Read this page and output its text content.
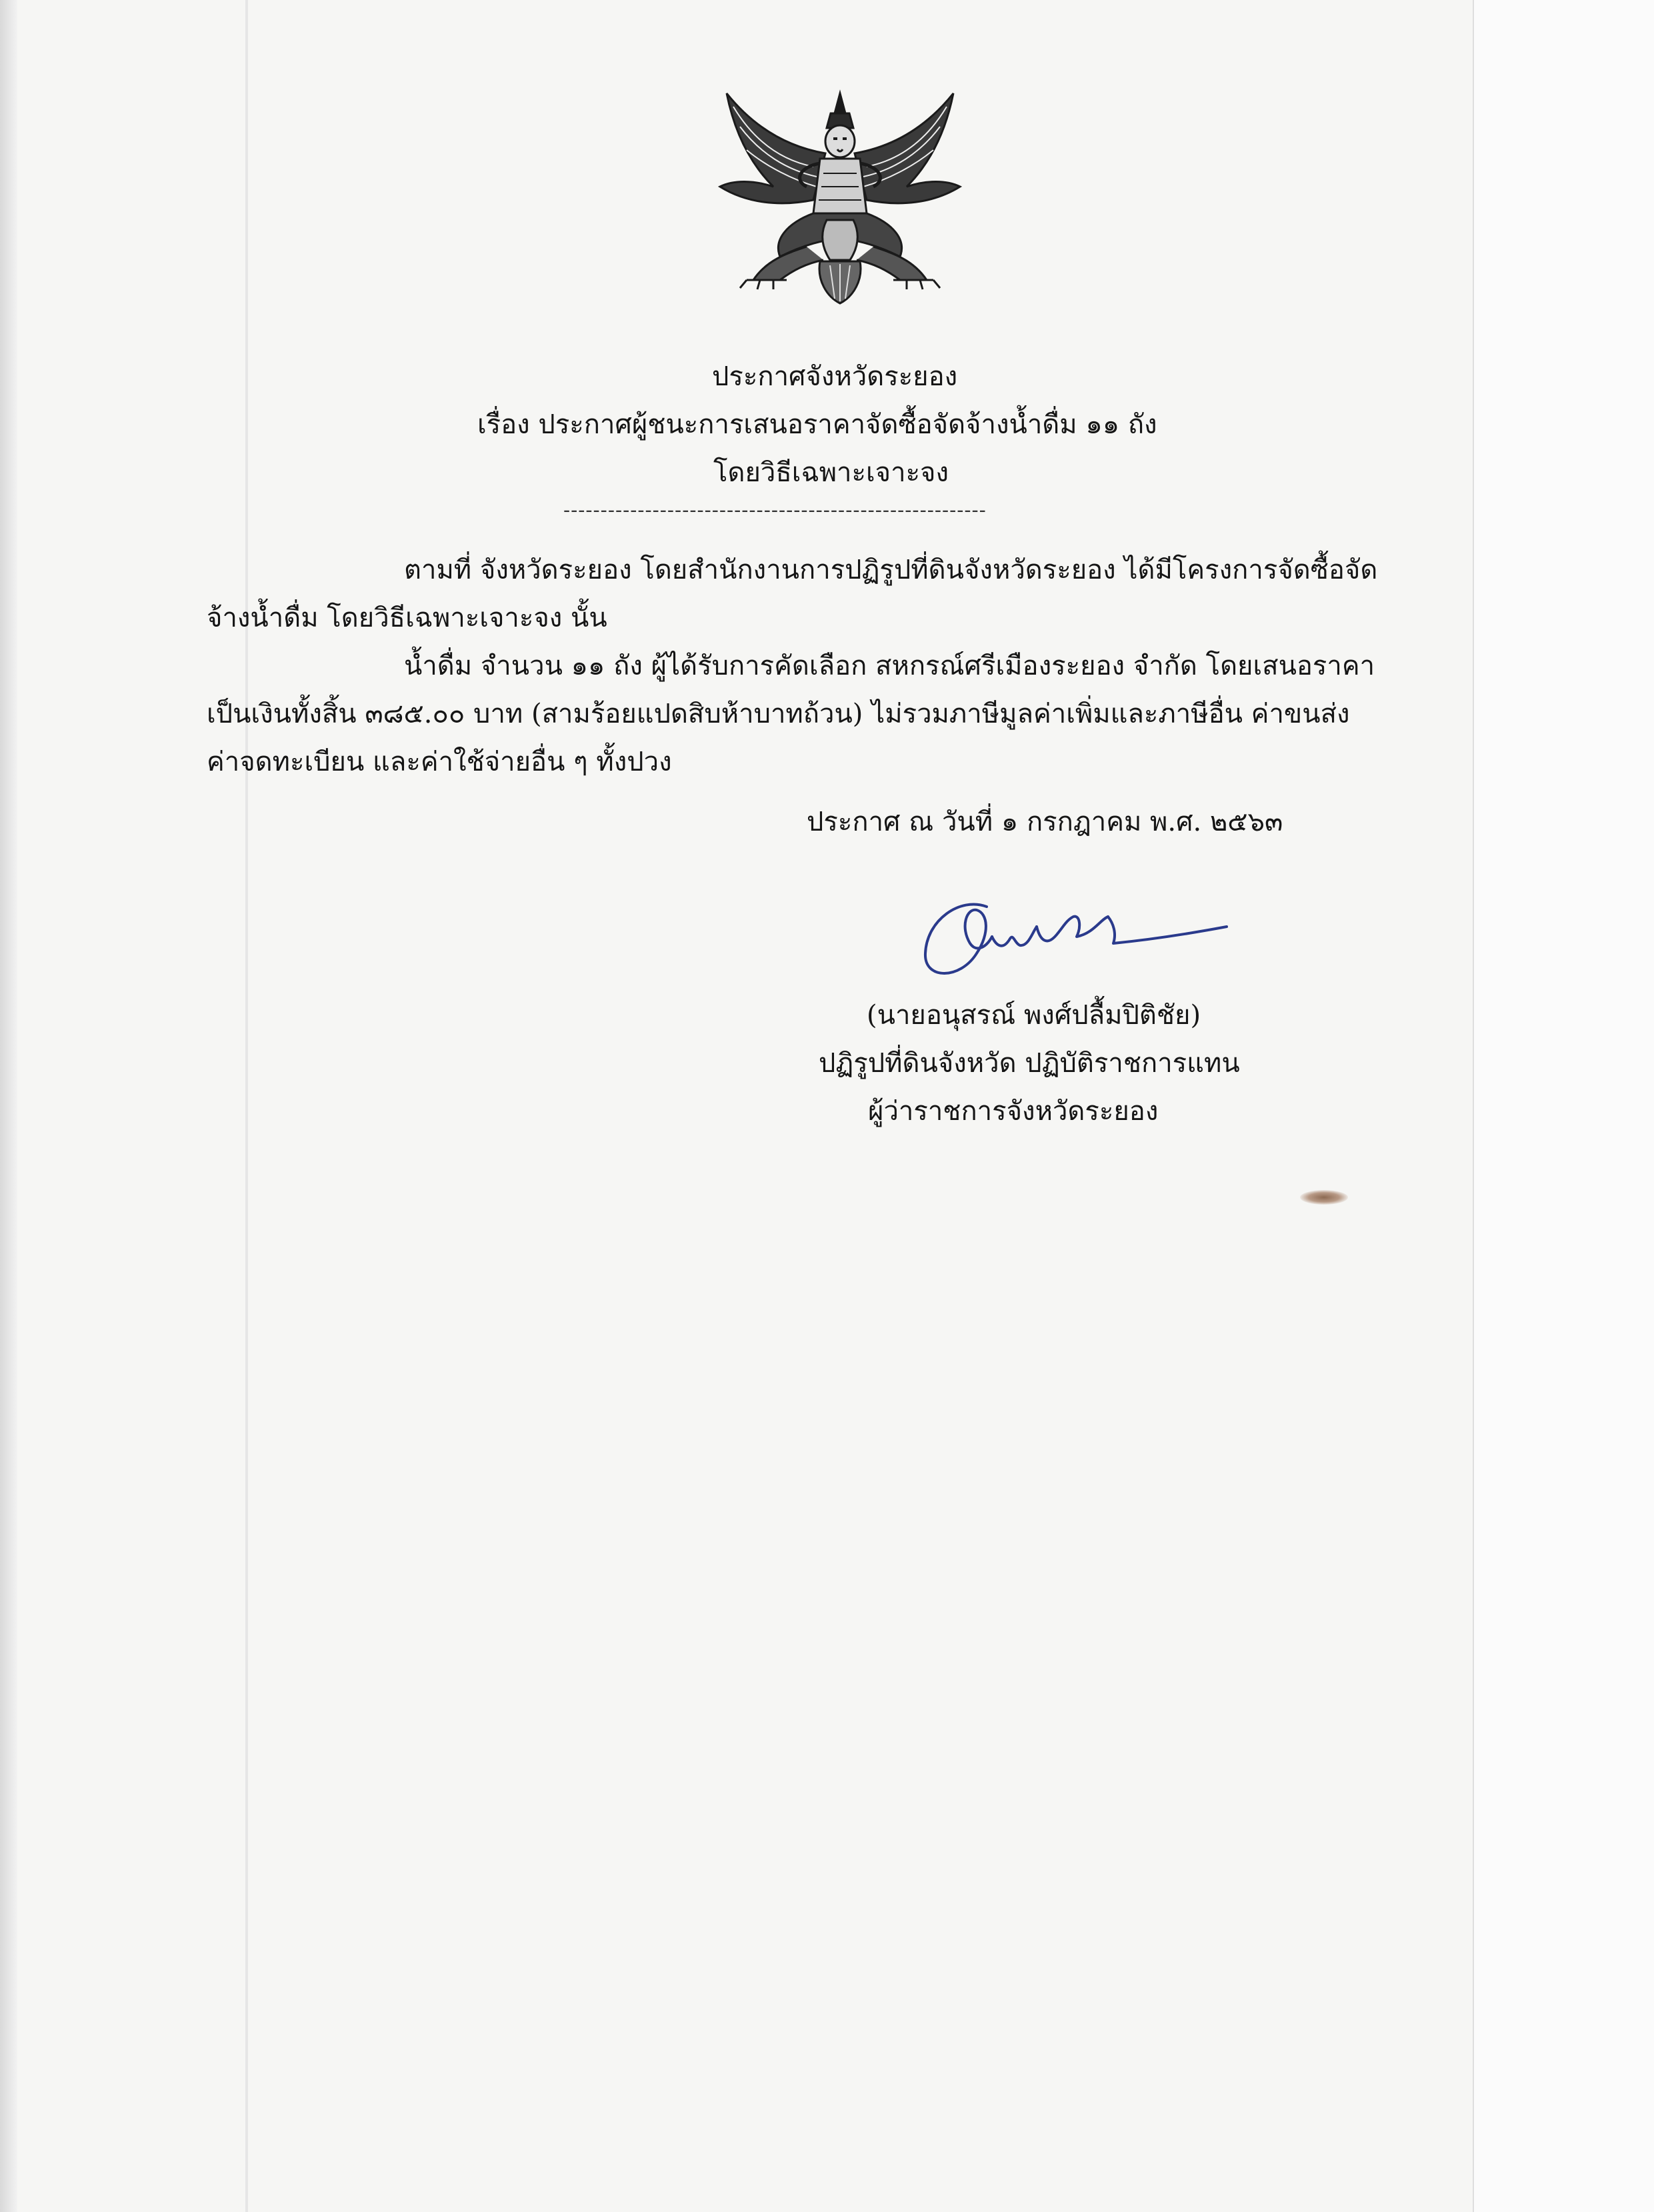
ประกาศจังหวัดระยอง
เรื่อง ประกาศผู้ชนะการเสนอราคาจัดซื้อจัดจ้างน้ำดื่ม ๑๑ ถัง
โดยวิธีเฉพาะเจาะจง
---------------------------------------------------------
ตามที่ จังหวัดระยอง โดยสำนักงานการปฏิรูปที่ดินจังหวัดระยอง ได้มีโครงการจัดซื้อจัด
จ้างน้ำดื่ม โดยวิธีเฉพาะเจาะจง นั้น
น้ำดื่ม จำนวน ๑๑ ถัง ผู้ได้รับการคัดเลือก สหกรณ์ศรีเมืองระยอง จำกัด โดยเสนอราคา
เป็นเงินทั้งสิ้น ๓๘๕.๐๐ บาท (สามร้อยแปดสิบห้าบาทถ้วน) ไม่รวมภาษีมูลค่าเพิ่มและภาษีอื่น ค่าขนส่ง
ค่าจดทะเบียน และค่าใช้จ่ายอื่น ๆ ทั้งปวง
ประกาศ ณ วันที่ ๑ กรกฎาคม พ.ศ. ๒๕๖๓
(นายอนุสรณ์ พงศ์ปลื้มปิติชัย)
ปฏิรูปที่ดินจังหวัด ปฏิบัติราชการแทน
ผู้ว่าราชการจังหวัดระยอง
